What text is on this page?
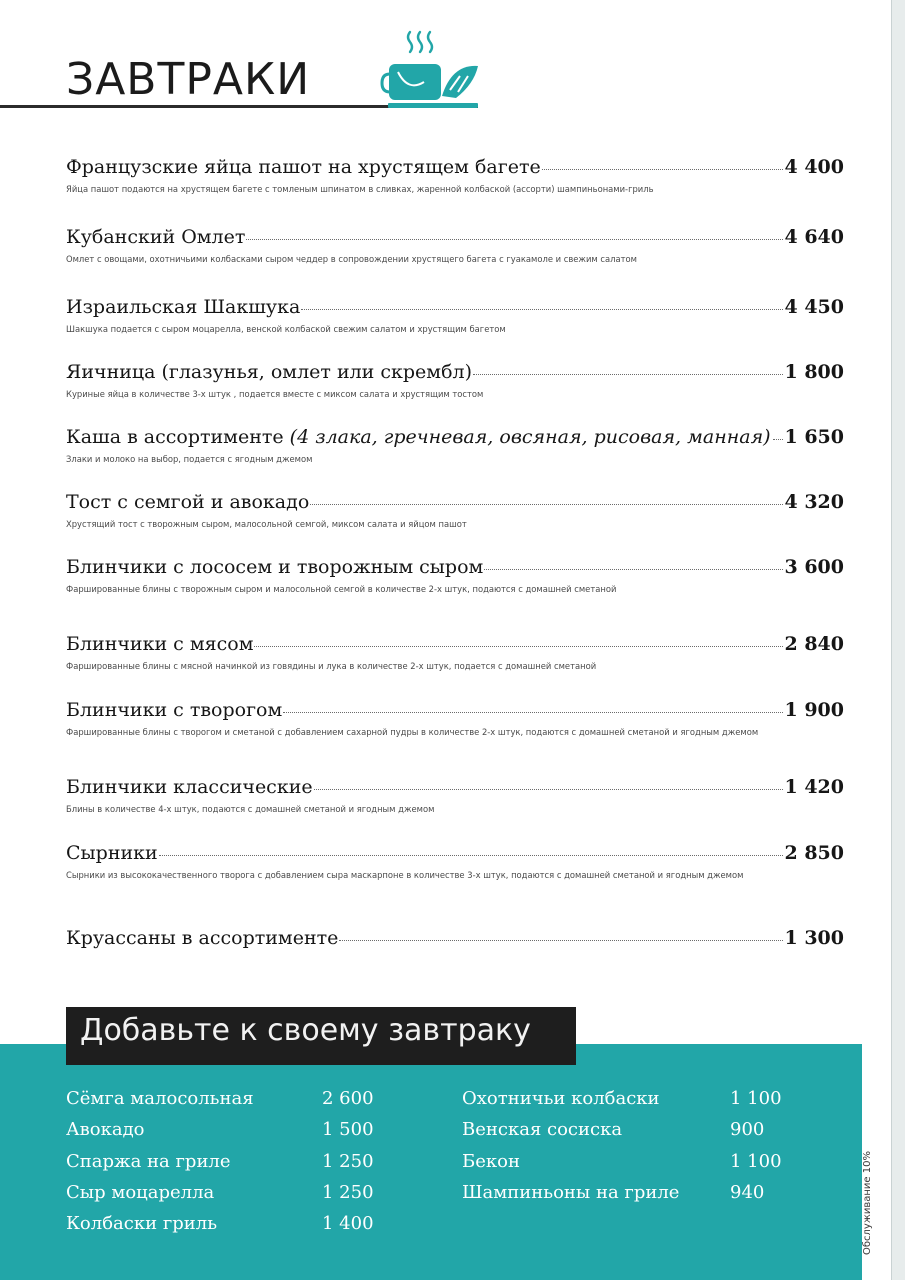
ЗАВТРАКИ
Французские яйца пашот на хрустящем багете	4 400
Яйца пашот подаются на хрустящем багете с томленым шпинатом в сливках, жаренной колбаской (ассорти) шампиньонами-гриль
Кубанский Омлет	4 640
Омлет с овощами, охотничьими колбасками сыром чеддер в сопровождении хрустящего багета с гуакамоле и свежим салатом
Израильская Шакшука	4 450
Шакшука подается с сыром моцарелла, венской колбаской свежим салатом и хрустящим багетом
Яичница (глазунья, омлет или скрембл)	1 800
Куриные яйца в количестве 3-х штук , подается вместе с миксом салата и хрустящим тостом
Каша в ассортименте (4 злака, гречневая, овсяная, рисовая, манная) 1 650
Злаки и молоко на выбор, подается с ягодным джемом
Тост с семгой и авокадо	4 320
Хрустящий тост с творожным сыром, малосольной семгой, миксом салата и яйцом пашот
Блинчики с лососем и творожным сыром	3 600
Фаршированные блины с творожным сыром и малосольной семгой в количестве 2-х штук, подаются с домашней сметаной
Блинчики с мясом	2 840
Фаршированные блины с мясной начинкой из говядины и лука в количестве 2-х штук, подается с домашней сметаной
Блинчики с творогом	1 900
Фаршированные блины с творогом и сметаной с добавлением сахарной пудры в количестве 2-х штук, подаются с домашней сметаной и ягодным джемом
Блинчики классические	1 420
Блины в количестве 4-х штук, подаются с домашней сметаной и ягодным джемом
Сырники	2 850
Сырники из высококачественного творога с добавлением сыра маскарпоне в количестве 3-х штук, подаются с домашней сметаной и ягодным джемом
Круассаны в ассортименте	1 300
Добавьте к своему завтраку
Сёмга малосольная	2 600
Авокадо	1 500
Спаржа на гриле	1 250
Сыр моцарелла	1 250
Колбаски гриль	1 400
Охотничьи колбаски	1 100
Венская сосиска	900
Бекон	1 100
Шампиньоны на гриле	940	Обслуживание 10%
